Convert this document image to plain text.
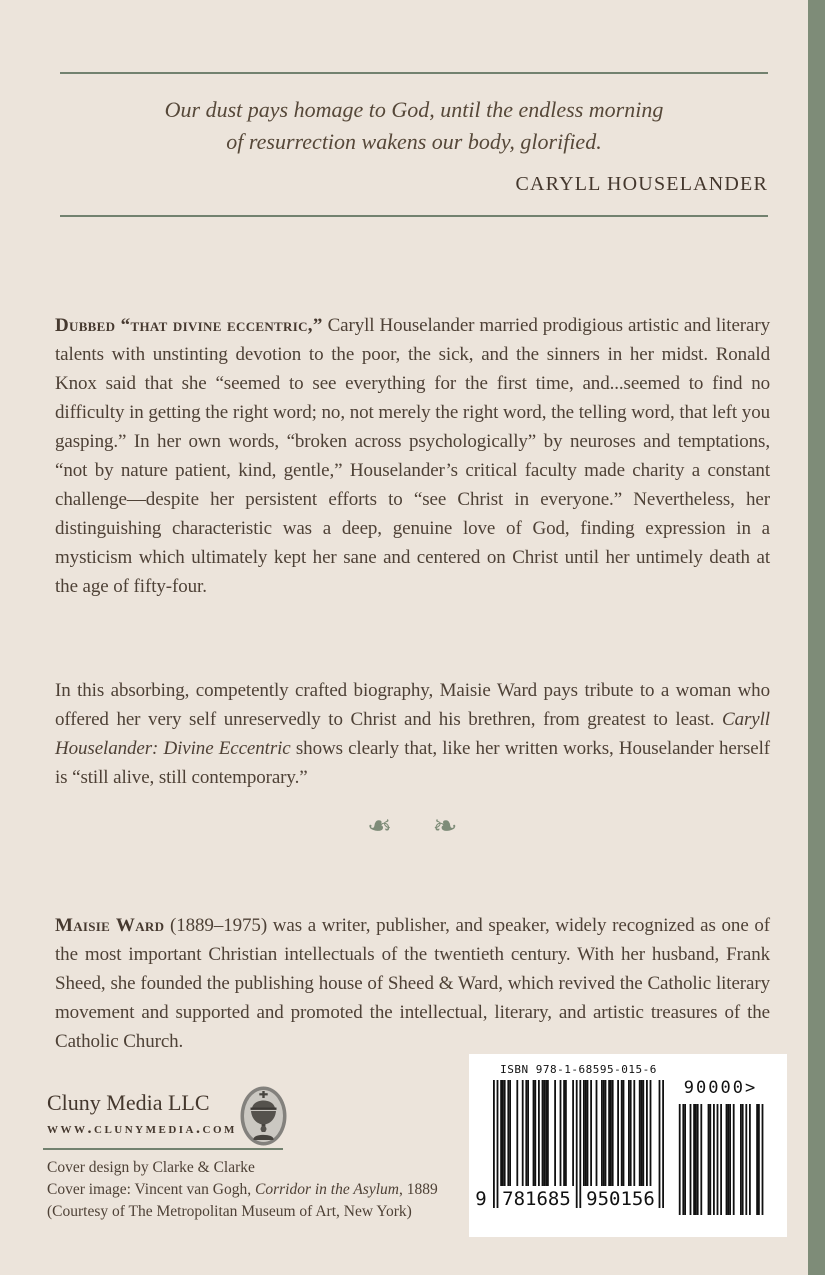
Our dust pays homage to God, until the endless morning
of resurrection wakens our body, glorified.
CARYLL HOUSELANDER

Dubbed “that divine eccentric,” Caryll Houselander married prodigious artistic and literary talents with unstinting devotion to the poor, the sick, and the sinners in her midst. Ronald Knox said that she “seemed to see everything for the first time, and...seemed to find no difficulty in getting the right word; no, not merely the right word, the telling word, that left you gasping.” In her own words, “broken across psychologically” by neuroses and temptations, “not by nature patient, kind, gentle,” Houselander’s critical faculty made charity a constant challenge—despite her persistent efforts to “see Christ in everyone.” Nevertheless, her distinguishing characteristic was a deep, genuine love of God, finding expression in a mysticism which ultimately kept her sane and centered on Christ until her untimely death at the age of fifty-four.

In this absorbing, competently crafted biography, Maisie Ward pays tribute to a woman who offered her very self unreservedly to Christ and his brethren, from greatest to least. Caryll Houselander: Divine Eccentric shows clearly that, like her written works, Houselander herself is “still alive, still contemporary.”

❧ ❧

Maisie Ward (1889–1975) was a writer, publisher, and speaker, widely recognized as one of the most important Christian intellectuals of the twentieth century. With her husband, Frank Sheed, she founded the publishing house of Sheed & Ward, which revived the Catholic literary movement and supported and promoted the intellectual, literary, and artistic treasures of the Catholic Church.

Cluny Media LLC
www.clunymedia.com
Cover design by Clarke & Clarke
Cover image: Vincent van Gogh, Corridor in the Asylum, 1889
(Courtesy of The Metropolitan Museum of Art, New York)
ISBN 978-1-68595-015-6
9 781685 950156
90000>
